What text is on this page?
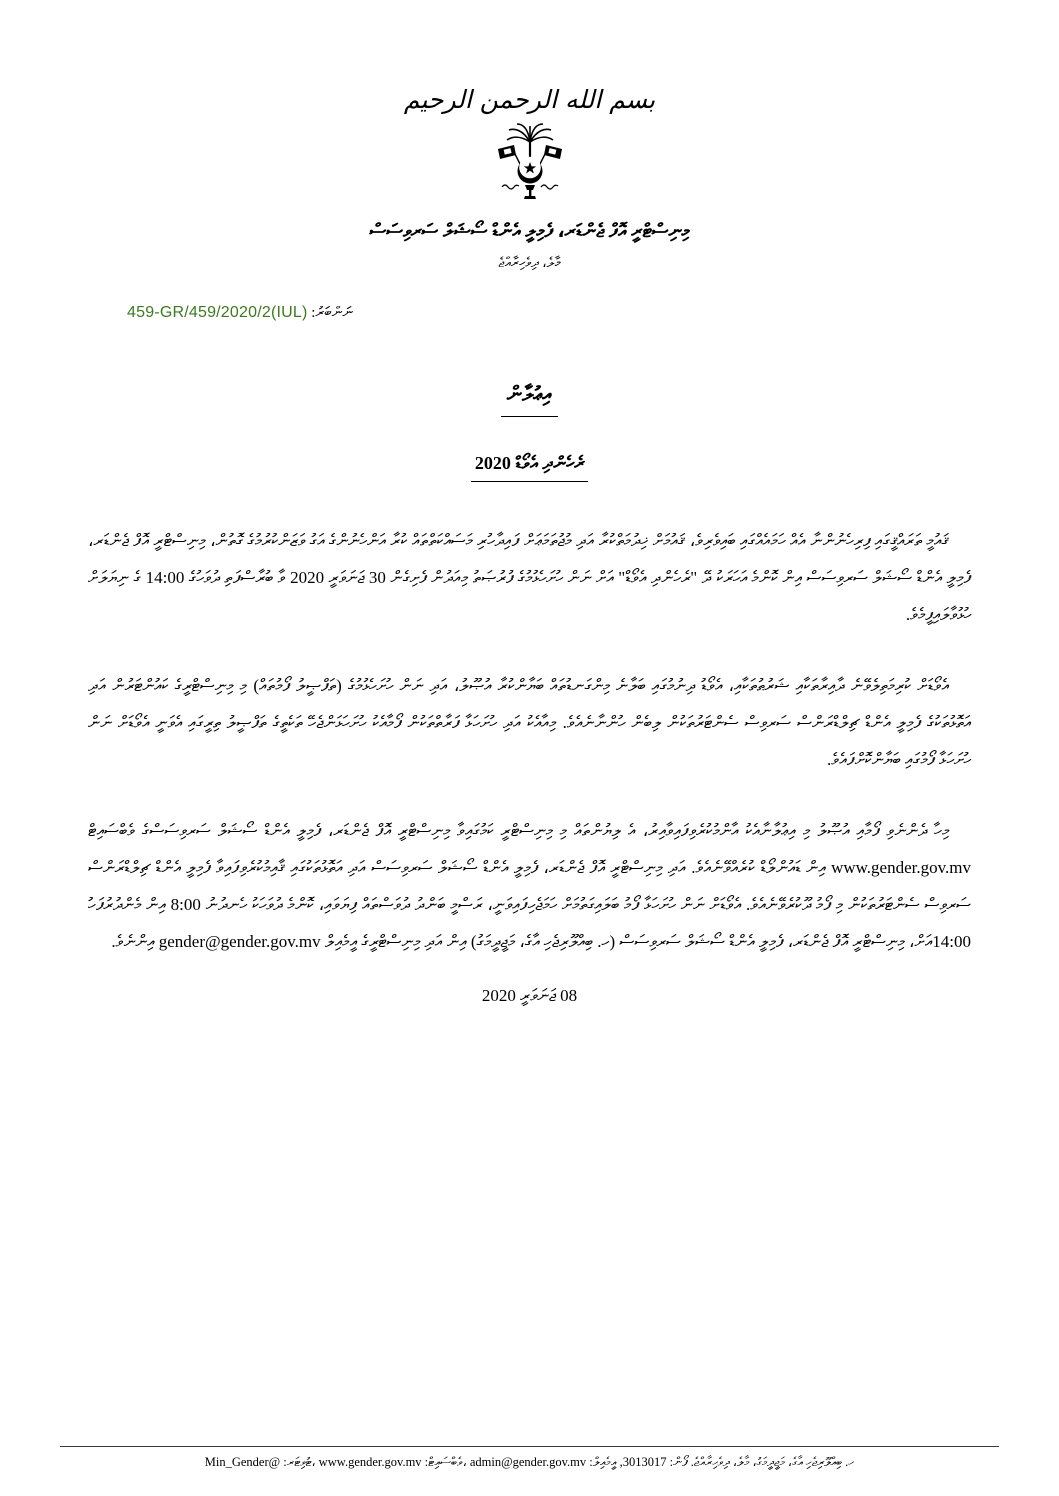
بسم الله الرحمن الرحيم
މިނިސްޓްރީ އޮފް ޖެންޑަރ، ފެމިލީ އެންޑް ސޯޝަލް ސަރވިސަސް
މާލެ، ދިވެހިރާއްޖެ
ނަންބަރު: (IUL)459-GR/459/2020/2
އިޢުލާން
ރެހެންދި އެވޯޑް 2020

ޤައުމީ ތަރައްޤީގައި ފިރިހެނުންނާ އެއް ހަމައެއްގައި ބައިވެރިވެ، ޤައުމަށް ޚިދުމަތްކުރާ އަދި މުޖުތަމަޢަށް ފައިދާހުރި މަސައްކަތްތައް ކުރާ އަންހެނުންގެ އަގު ވަޒަންކުރުމުގެ ގޮތުން، މިނިސްޓްރީ އޮފް ޖެންޑަރ، ފެމިލީ އެންޑް ސޯޝަލް ސަރވިސަސް އިން ކޮންމެ އަހަރަކު ދޭ "ރެހެންދި އެވޯޑް" އަށް ނަން ހުށަހެޅުމުގެ ފުރުޞަތު މިއަދުން ފެށިގެން 30 ޖަނަވަރީ 2020 ވާ ބުރާސްފަތި ދުވަހުގެ 14:00 ގެ ނިޔަލަށް ހުޅުވާލައިފީމެވެ.

އެވޯޑަށް ކުރިމަތިލެވޭނެ ދާއިރާތަކާއި ޝަރުޠުތަކާއި، އެވޯޑު ދިނުމުގައި ބަލާނެ މިންގަނޑުތައް ބަޔާންކުރާ އުޞޫލު، އަދި ނަން ހުށަހެޅުމުގެ (ތަފްޞީލު ފޯމުތައް) މި މިނިސްޓްރީގެ ކައުންޓަރުން އަދި އަތޮޅުތަކުގެ ފެމިލީ އެންޑް ޗިލްޑްރަންސް ސަރވިސް ސެންޓަރުތަކުން ލިބެން ހުންނާނެއެވެ. މިއާއެކު އަދި ހުށަހަޅާ ފަރާތްތަކުން ފޯމާއެކު ހުށަހަޅަންޖެހޭ ތަކެތީގެ ތަފްޞީލު ތިރީގައި އެވަނީ އެވޯޑަށް ނަން ހުށަހަޅާ ފޯމުގައި ބަޔާންކޮށްފައެވެ.

މިހާ ދެންނެވި ފޯމާއި އުޞޫލު މި އިޢުލާނާއެކު އާންމުކުރެވިފައިވާއިރު، އެ ލިޔުންތައް މި މިނިސްޓްރީ ކަމުގައިވާ މިނިސްޓްރީ އޮފް ޖެންޑަރ، ފެމިލީ އެންޑް ސޯޝަލް ސަރވިސަސްގެ ވެބްސައިޓް www.gender.gov.mv އިން ޑައުންލޯޑް ކުރެއްވޭނެއެވެ. އަދި މިނިސްޓްރީ އޮފް ޖެންޑަރ، ފެމިލީ އެންޑް ސޯޝަލް ސަރވިސަސް އަދި އަތޮޅުތަކުގައި ޤާއިމުކުރެވިފައިވާ ފެމިލީ އެންޑް ޗިލްޑްރަންސް ސަރވިސް ސެންޓަރުތަކުން މި ފޯމު ދޫކުރެވޭނެއެވެ. އެވޯޑަށް ނަން ހުށަހަޅާ ފޯމު ބަލައިގަތުމަށް ހަމަޖެހިފައިވަނީ، ރަސްމީ ބަންދު ދުވަސްތައް ފިޔަވައި، ކޮންމެ ދުވަހަކު ހެނދުނު 8:00 އިން މެންދުރުފަހު 14:00އަށް، މިނިސްޓްރީ އޮފް ޖެންޑަރ، ފެމިލީ އެންޑް ސޯޝަލް ސަރވިސަސް (ހ. ބިއްލޫރިޖެހި އާގެ، މަޖީދީމަގު) އިން އަދި މިނިސްޓްރީގެ އީމެއިލް gender@gender.gov.mv އިންނެވެ.

08 ޖަނަވަރީ 2020
ހ. ބިއްލޫރިޖެހި އާގެ، މަޖީދީމަގު، މާލެ، ދިވެހިރާއްޖެ. ފޯން: 3013017, އީމެއިލް: admin@gender.gov.mv ،ވެބްސައިޓް: www.gender.gov.mv ،ޓުވިޓަރ: @Min_Gender
